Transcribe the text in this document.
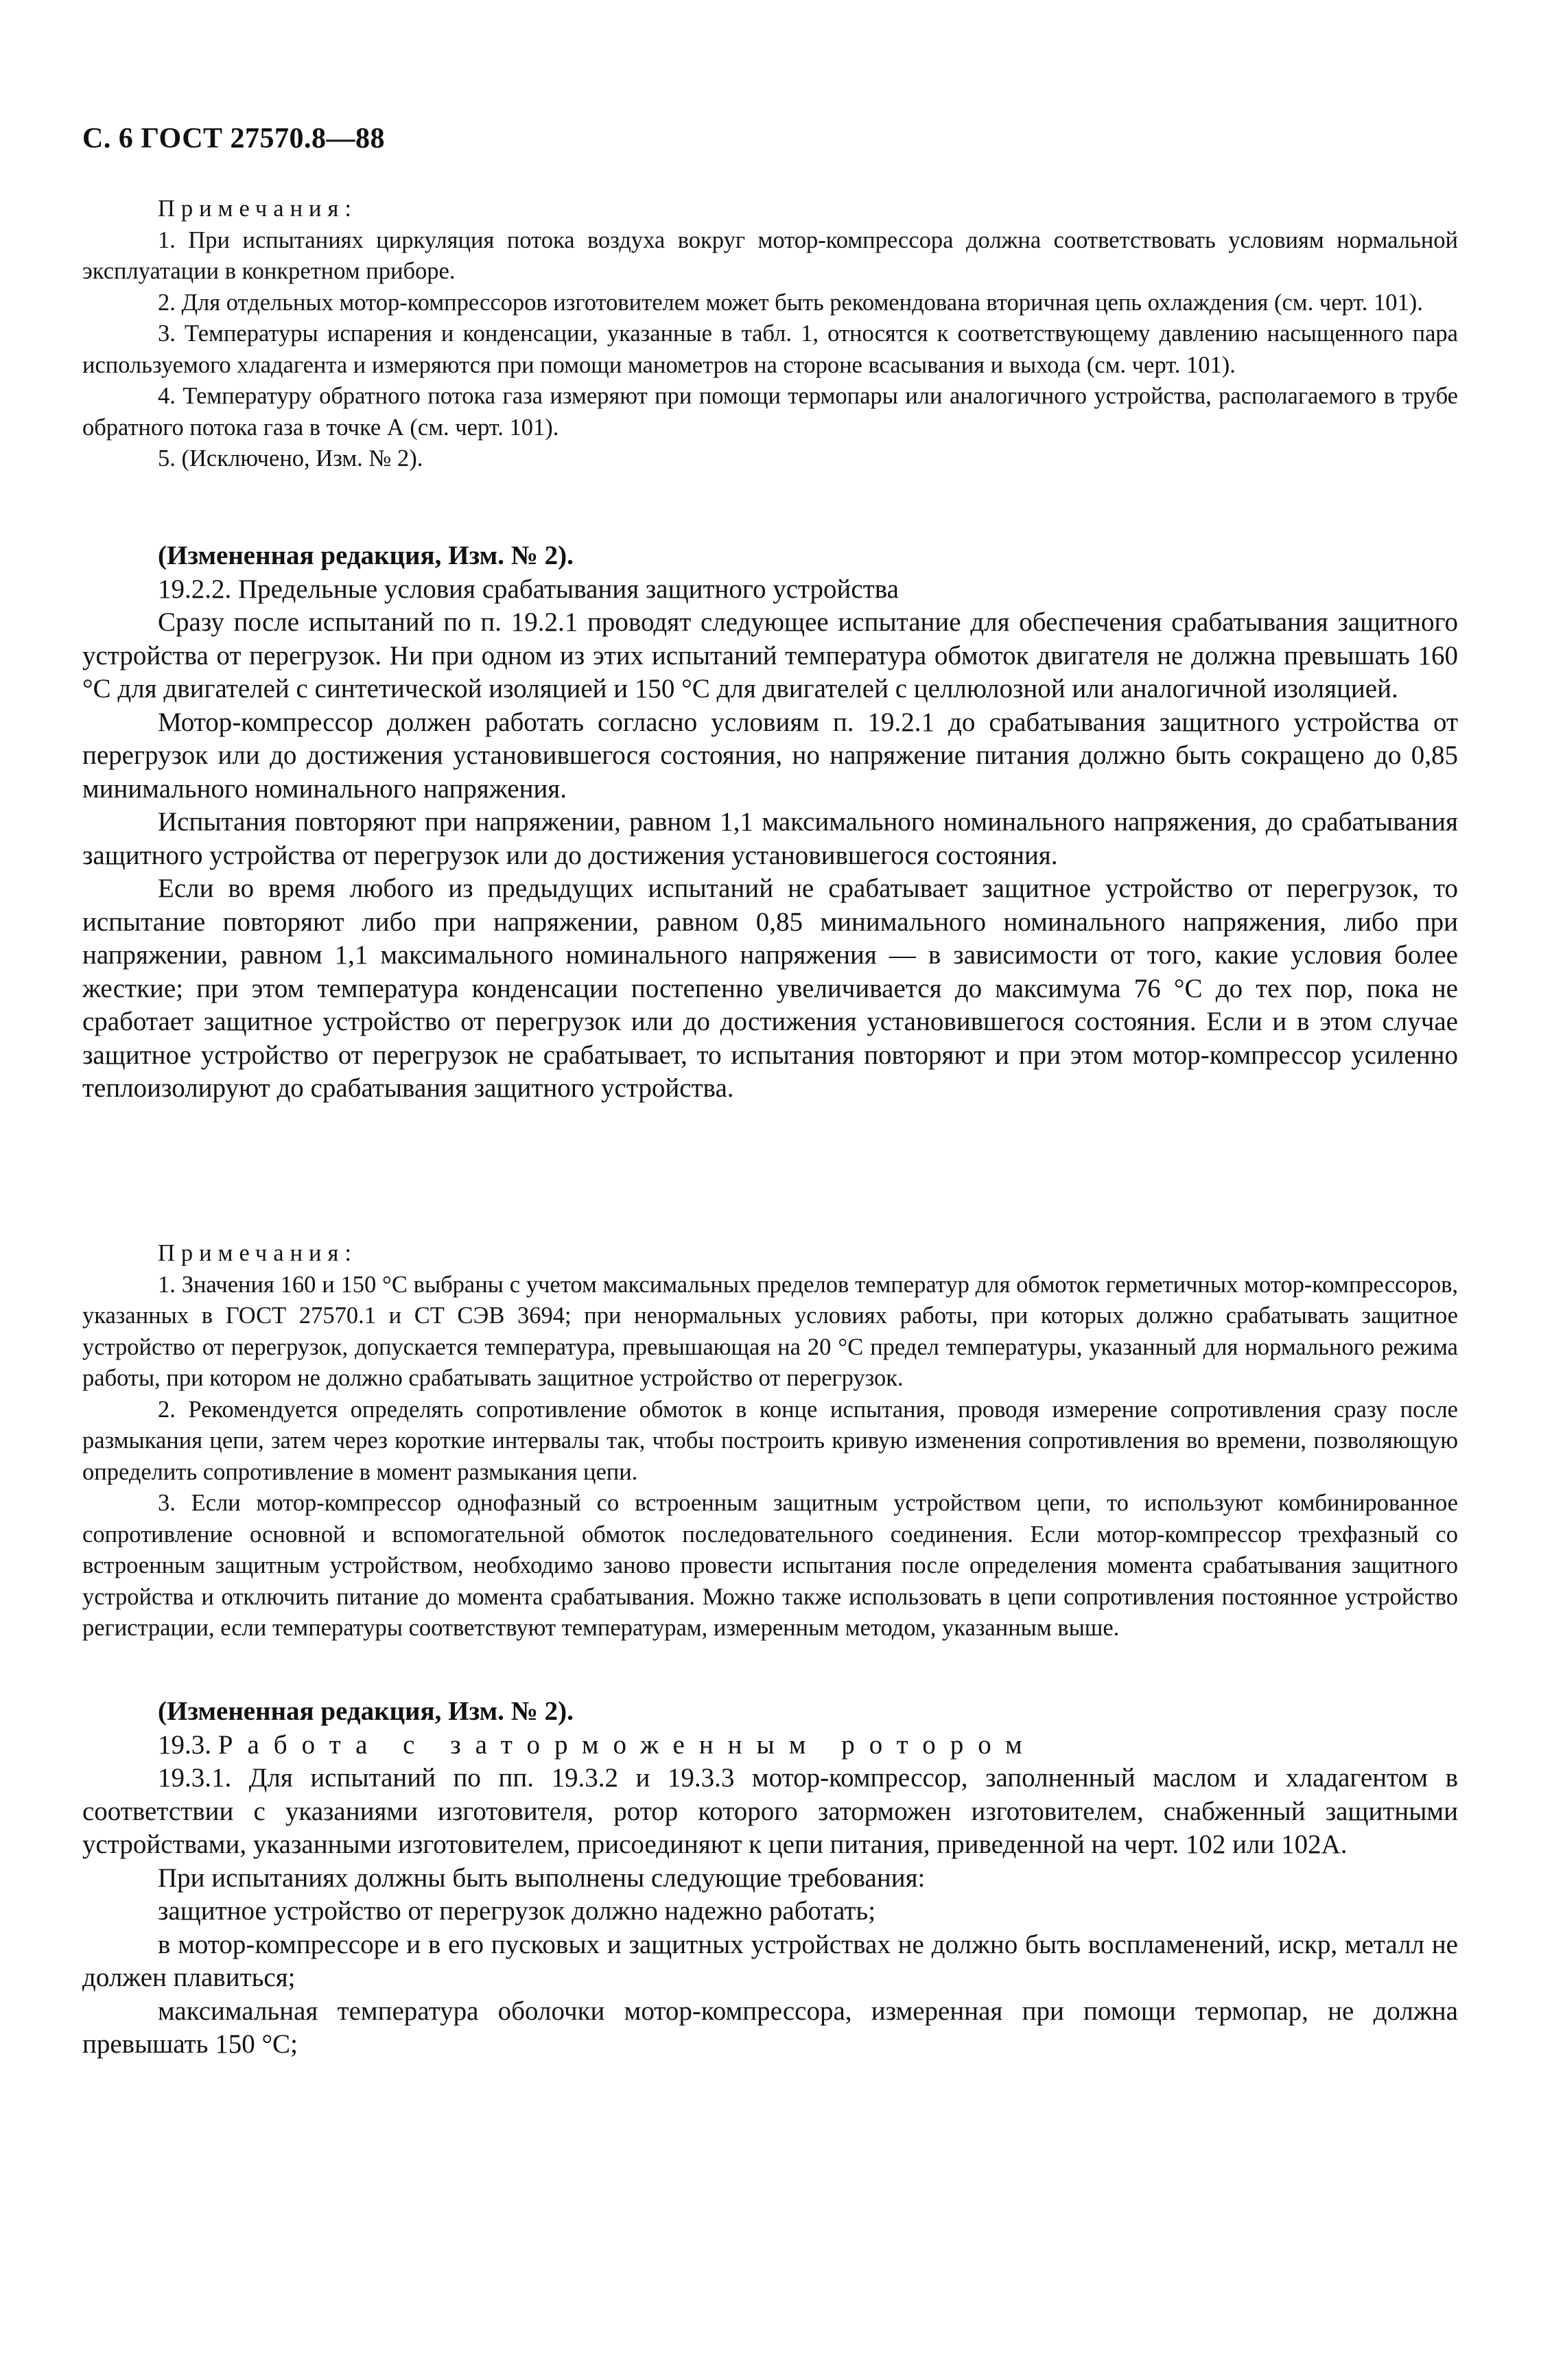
С. 6 ГОСТ 27570.8—88

Примечания:

1. При испытаниях циркуляция потока воздуха вокруг мотор-компрессора должна соответствовать условиям нормальной эксплуатации в конкретном приборе.

2. Для отдельных мотор-компрессоров изготовителем может быть рекомендована вторичная цепь охлаждения (см. черт. 101).

3. Температуры испарения и конденсации, указанные в табл. 1, относятся к соответствующему давлению насыщенного пара используемого хладагента и измеряются при помощи манометров на стороне всасывания и выхода (см. черт. 101).

4. Температуру обратного потока газа измеряют при помощи термопары или аналогичного устройства, располагаемого в трубе обратного потока газа в точке А (см. черт. 101).

5. (Исключено, Изм. № 2).

(Измененная редакция, Изм. № 2).

19.2.2. Предельные условия срабатывания защитного устройства

Сразу после испытаний по п. 19.2.1 проводят следующее испытание для обеспечения срабатывания защитного устройства от перегрузок. Ни при одном из этих испытаний температура обмоток двигателя не должна превышать 160 °С для двигателей с синтетической изоляцией и 150 °С для двигателей с целлюлозной или аналогичной изоляцией.

Мотор-компрессор должен работать согласно условиям п. 19.2.1 до срабатывания защитного устройства от перегрузок или до достижения установившегося состояния, но напряжение питания должно быть сокращено до 0,85 минимального номинального напряжения.

Испытания повторяют при напряжении, равном 1,1 максимального номинального напряжения, до срабатывания защитного устройства от перегрузок или до достижения установившегося состояния.

Если во время любого из предыдущих испытаний не срабатывает защитное устройство от перегрузок, то испытание повторяют либо при напряжении, равном 0,85 минимального номинального напряжения, либо при напряжении, равном 1,1 максимального номинального напряжения — в зависимости от того, какие условия более жесткие; при этом температура конденсации постепенно увеличивается до максимума 76 °С до тех пор, пока не сработает защитное устройство от перегрузок или до достижения установившегося состояния. Если и в этом случае защитное устройство от перегрузок не срабатывает, то испытания повторяют и при этом мотор-компрессор усиленно теплоизолируют до срабатывания защитного устройства.

Примечания:

1. Значения 160 и 150 °С выбраны с учетом максимальных пределов температур для обмоток герметичных мотор-компрессоров, указанных в ГОСТ 27570.1 и СТ СЭВ 3694; при ненормальных условиях работы, при которых должно срабатывать защитное устройство от перегрузок, допускается температура, превышающая на 20 °С предел температуры, указанный для нормального режима работы, при котором не должно срабатывать защитное устройство от перегрузок.

2. Рекомендуется определять сопротивление обмоток в конце испытания, проводя измерение сопротивления сразу после размыкания цепи, затем через короткие интервалы так, чтобы построить кривую изменения сопротивления во времени, позволяющую определить сопротивление в момент размыкания цепи.

3. Если мотор-компрессор однофазный со встроенным защитным устройством цепи, то используют комбинированное сопротивление основной и вспомогательной обмоток последовательного соединения. Если мотор-компрессор трехфазный со встроенным защитным устройством, необходимо заново провести испытания после определения момента срабатывания защитного устройства и отключить питание до момента срабатывания. Можно также использовать в цепи сопротивления постоянное устройство регистрации, если температуры соответствуют температурам, измеренным методом, указанным выше.

(Измененная редакция, Изм. № 2).

19.3. Работа с заторможенным ротором

19.3.1. Для испытаний по пп. 19.3.2 и 19.3.3 мотор-компрессор, заполненный маслом и хладагентом в соответствии с указаниями изготовителя, ротор которого заторможен изготовителем, снабженный защитными устройствами, указанными изготовителем, присоединяют к цепи питания, приведенной на черт. 102 или 102А.

При испытаниях должны быть выполнены следующие требования:

защитное устройство от перегрузок должно надежно работать;

в мотор-компрессоре и в его пусковых и защитных устройствах не должно быть воспламенений, искр, металл не должен плавиться;

максимальная температура оболочки мотор-компрессора, измеренная при помощи термопар, не должна превышать 150 °С;
